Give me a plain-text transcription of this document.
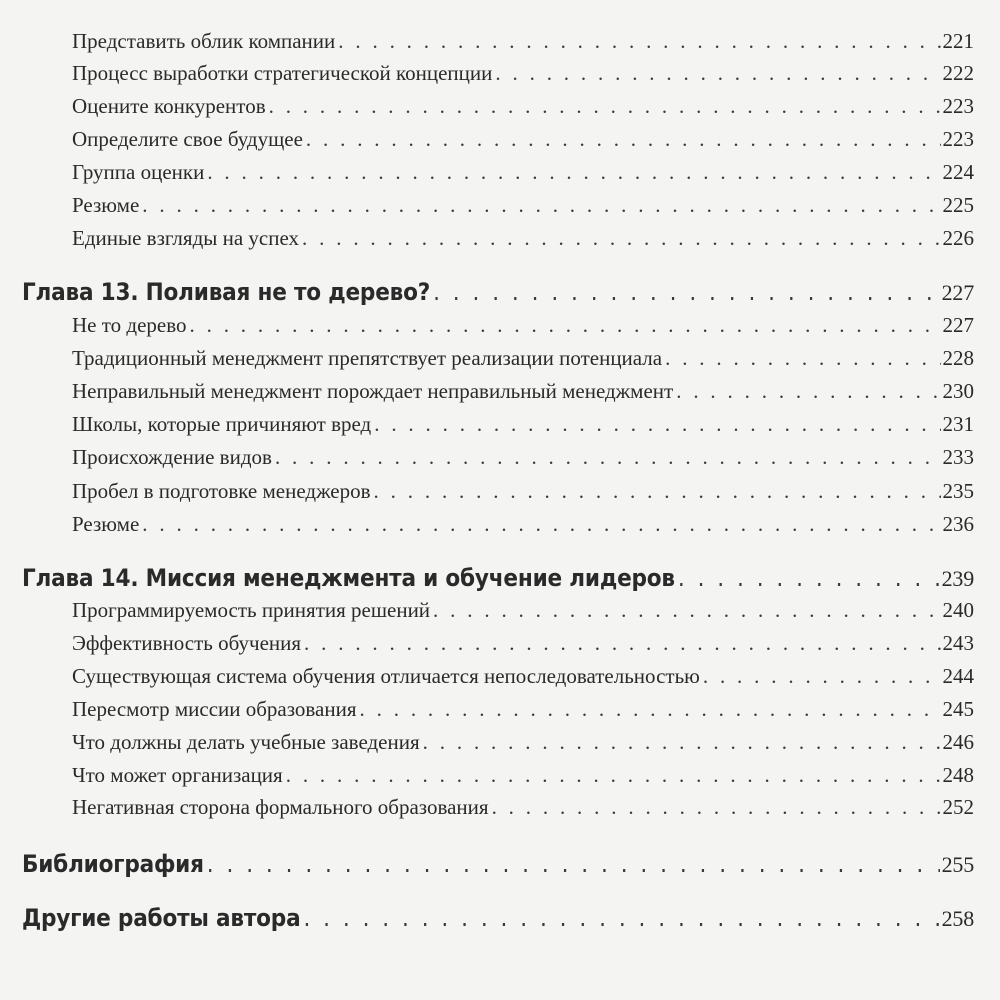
Представить облик компании . . .	221
Процесс выработки стратегической концепции . . .	222
Оцените конкурентов . . .	223
Определите свое будущее . . .	223
Группа оценки . . .	224
Резюме . . .	225
Единые взгляды на успех . . .	226
Глава 13. Поливая не то дерево? . . .	227
Не то дерево . . .	227
Традиционный менеджмент препятствует реализации потенциала . . .	228
Неправильный менеджмент порождает неправильный менеджмент . . .	230
Школы, которые причиняют вред . . .	231
Происхождение видов . . .	233
Пробел в подготовке менеджеров . . .	235
Резюме . . .	236
Глава 14. Миссия менеджмента и обучение лидеров . . .	239
Программируемость принятия решений . . .	240
Эффективность обучения . . .	243
Существующая система обучения отличается непоследовательностью . . .	244
Пересмотр миссии образования . . .	245
Что должны делать учебные заведения . . .	246
Что может организация . . .	248
Негативная сторона формального образования . . .	252
Библиография . . .	255
Другие работы автора . . .	258
